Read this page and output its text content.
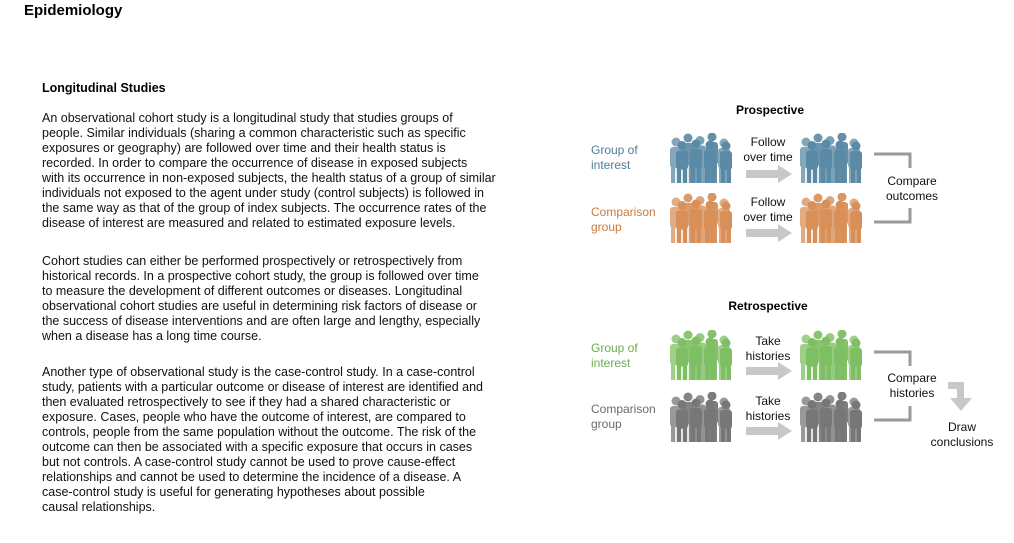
Epidemiology
Longitudinal Studies

An observational cohort study is a longitudinal study that studies groups of
people. Similar individuals (sharing a common characteristic such as specific
exposures or geography) are followed over time and their health status is
recorded. In order to compare the occurrence of disease in exposed subjects
with its occurrence in non-exposed subjects, the health status of a group of similar
individuals not exposed to the agent under study (control subjects) is followed in
the same way as that of the group of index subjects. The occurrence rates of the
disease of interest are measured and related to estimated exposure levels.

Cohort studies can either be performed prospectively or retrospectively from
historical records. In a prospective cohort study, the group is followed over time
to measure the development of different outcomes or diseases. Longitudinal
observational cohort studies are useful in determining risk factors of disease or
the success of disease interventions and are often large and lengthy, especially
when a disease has a long time course.

Another type of observational study is the case-control study. In a case-control
study, patients with a particular outcome or disease of interest are identified and
then evaluated retrospectively to see if they had a shared characteristic or
exposure. Cases, people who have the outcome of interest, are compared to
controls, people from the same population without the outcome. The risk of the
outcome can then be associated with a specific exposure that occurs in cases
but not controls. A case-control study cannot be used to prove cause-effect
relationships and cannot be used to determine the incidence of a disease. A
case-control study is useful for generating hypotheses about possible
causal relationships.

Prospective
Group of
interest
Comparison
group
Follow
over time
Follow
over time
Compare
outcomes
Retrospective
Group of
interest
Comparison
group
Take
histories
Take
histories
Compare
histories
Draw
conclusions
